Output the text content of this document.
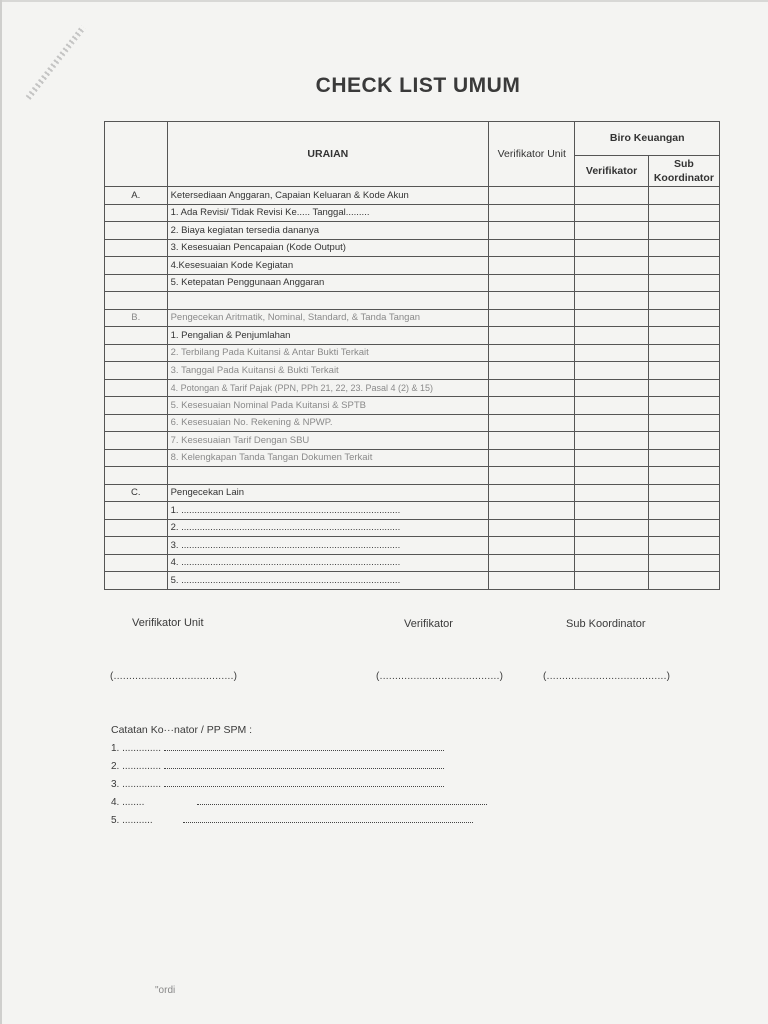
CHECK LIST UMUM
	URAIAN	Verifikator Unit	Biro Keuangan	
			Verifikator	Sub Koordinator
A.	Ketersediaan Anggaran, Capaian Keluaran & Kode Akun			
	1. Ada Revisi/ Tidak Revisi Ke..... Tanggal.........			
	2. Biaya kegiatan tersedia dananya			
	3. Kesesuaian Pencapaian (Kode Output)			
	4.Kesesuaian Kode Kegiatan			
	5. Ketepatan Penggunaan Anggaran			

B.	Pengecekan Aritmatik, Nominal, Standard, & Tanda Tangan			
	1. Pengalian & Penjumlahan			
	2. Terbilang Pada Kuitansi & Antar Bukti Terkait			
	3. Tanggal Pada Kuitansi & Bukti Terkait			
	4. Potongan & Tarif Pajak (PPN, PPh 21, 22, 23. Pasal 4 (2) & 15)			
	5. Kesesuaian Nominal Pada Kuitansi & SPTB			
	6. Kesesuaian No. Rekening & NPWP.			
	7. Kesesuaian Tarif Dengan SBU			
	8. Kelengkapan Tanda Tangan Dokumen Terkait			

C.	Pengecekan Lain			
	1. ...................................................................................			
	2. ...................................................................................			
	3. ...................................................................................			
	4. ...................................................................................			
	5. ...................................................................................			
Verifikator Unit	Verifikator	Sub Koordinator
(.......................................)	(.......................................)	(.......................................)
Catatan Ko···nator / PP SPM :
1. ..............
2. ..............
3. ..............
4. ........
5. ...........
"ordi
